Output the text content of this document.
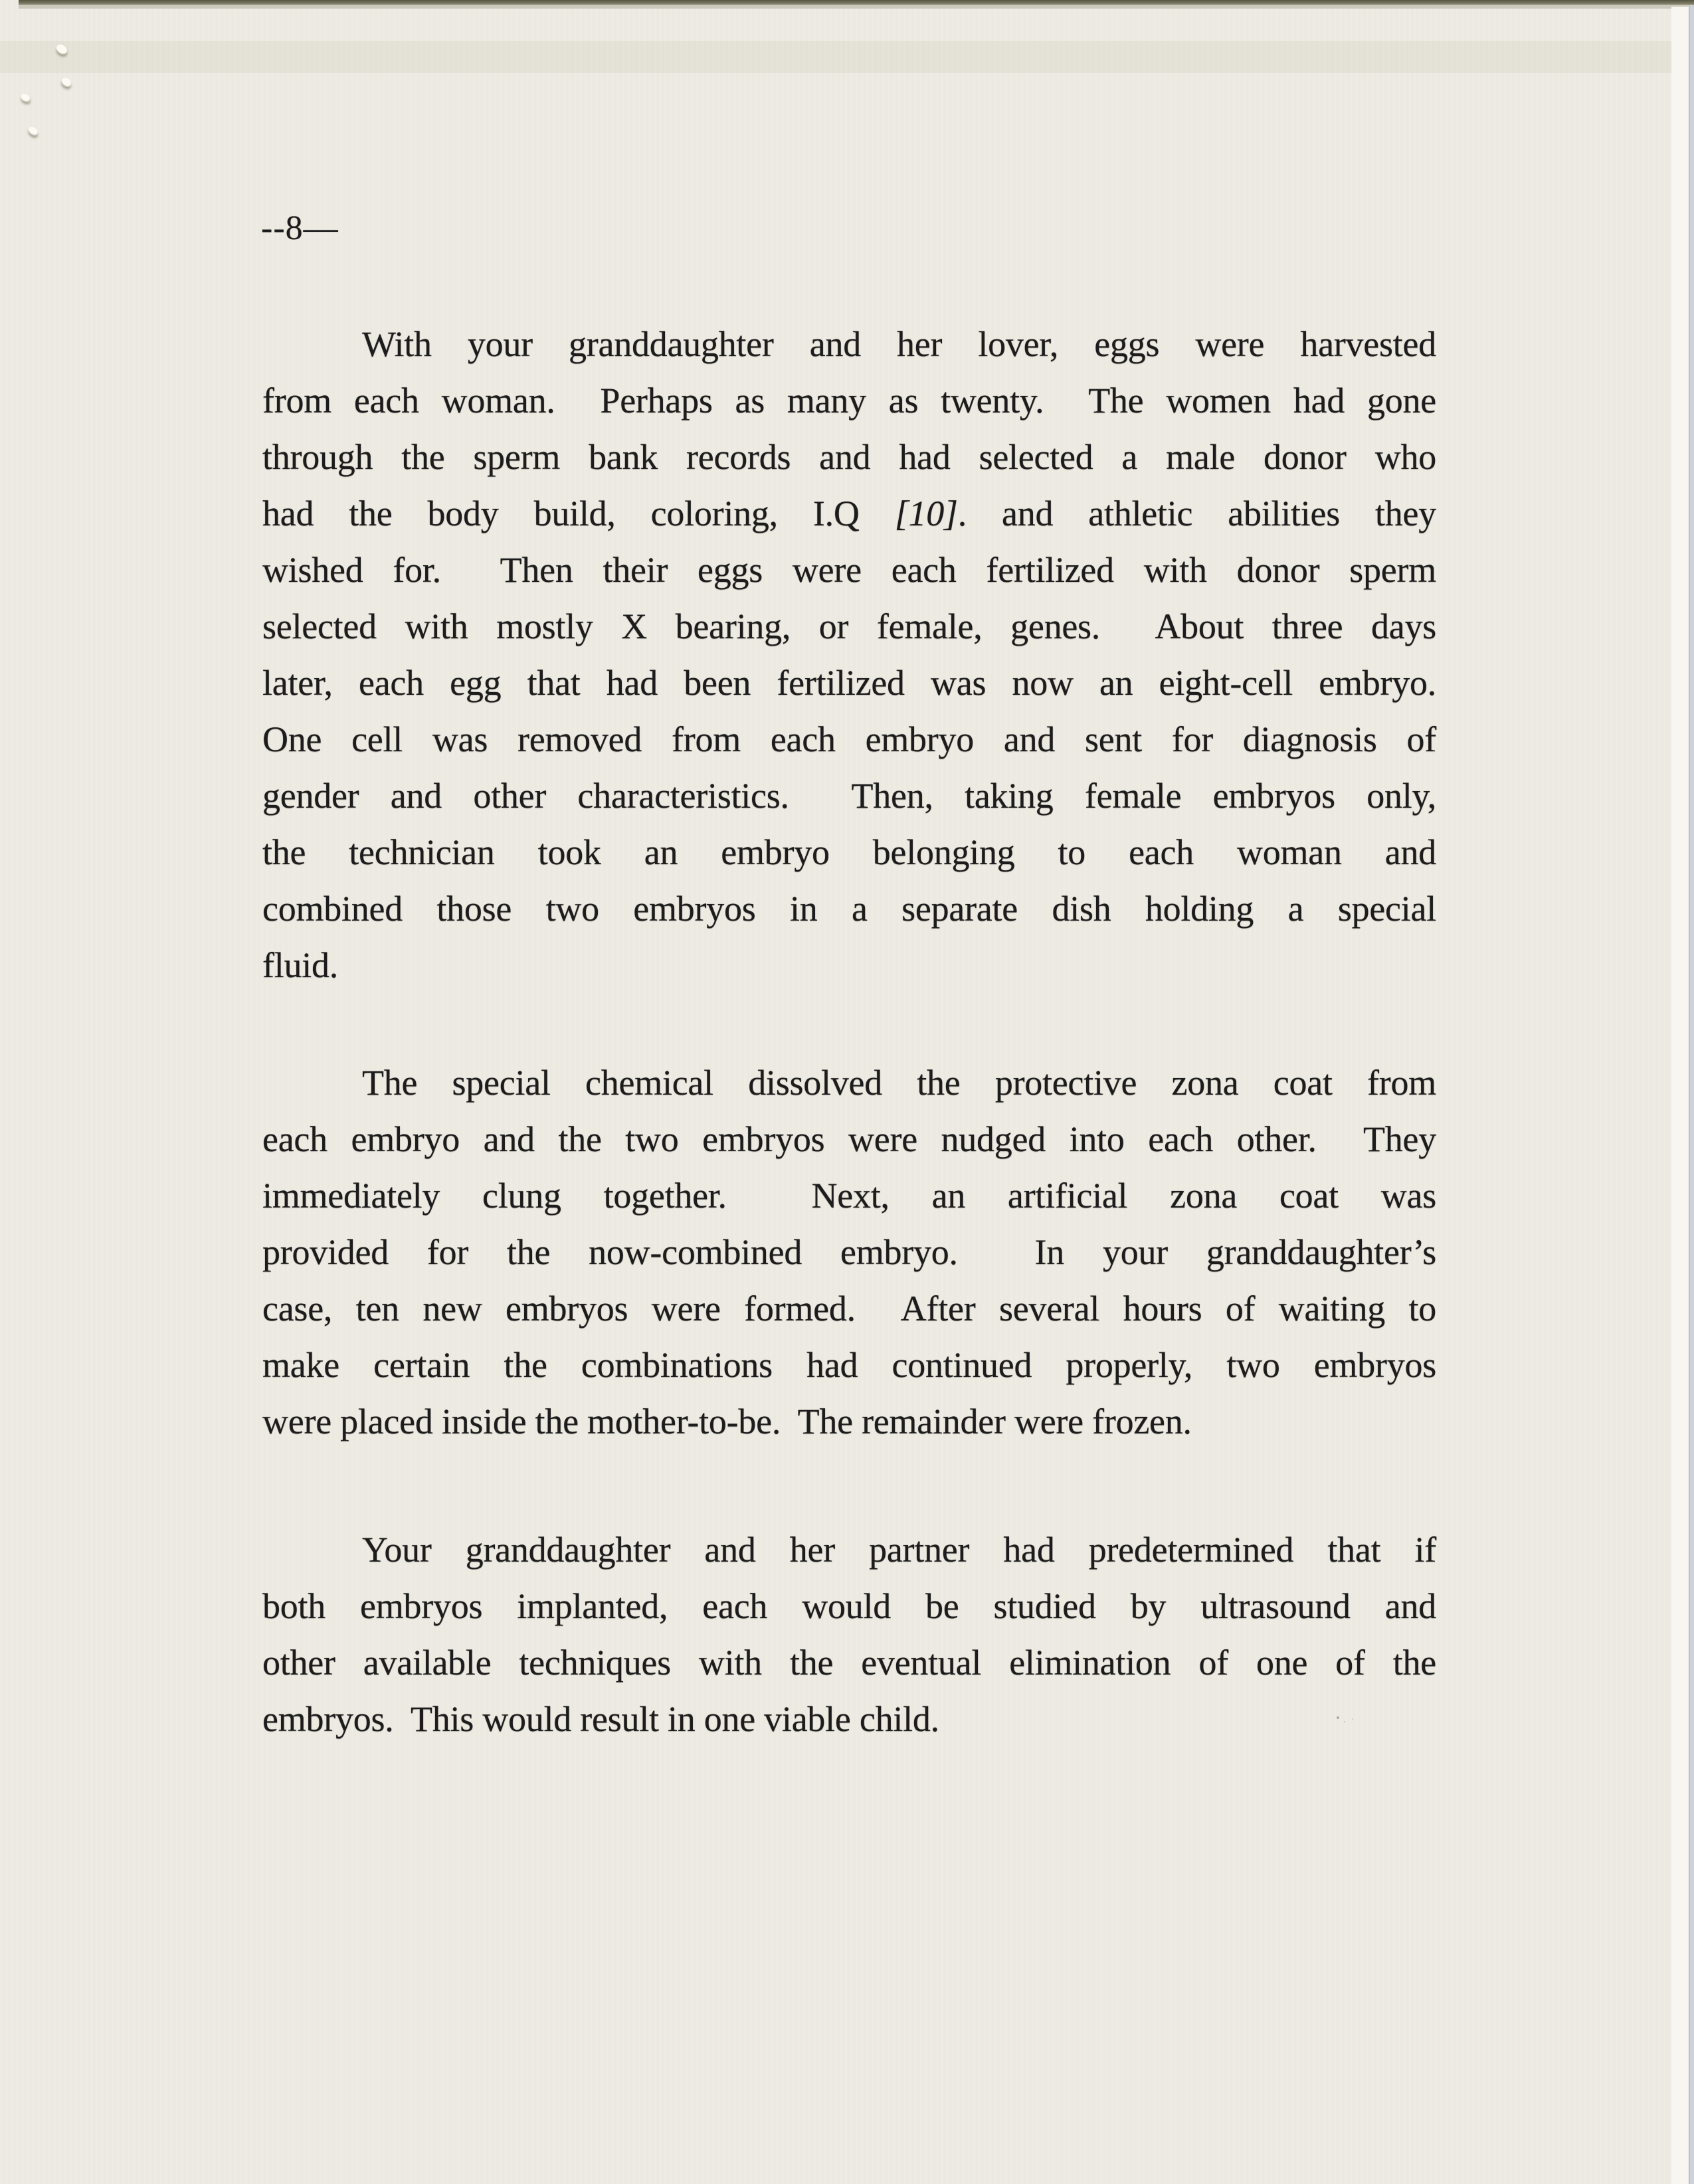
--8—
With your granddaughter and her lover, eggs were harvested
from each woman.  Perhaps as many as twenty.  The women had gone
through the sperm bank records and had selected a male donor who
had the body build, coloring, I.Q [10]. and athletic abilities they
wished for.  Then their eggs were each fertilized with donor sperm
selected with mostly X bearing, or female, genes.  About three days
later, each egg that had been fertilized was now an eight-cell embryo.
One cell was removed from each embryo and sent for diagnosis of
gender and other characteristics.  Then, taking female embryos only,
the technician took an embryo belonging to each woman and
combined those two embryos in a separate dish holding a special
fluid.
The special chemical dissolved the protective zona coat from
each embryo and the two embryos were nudged into each other.  They
immediately clung together.  Next, an artificial zona coat was
provided for the now-combined embryo.  In your granddaughter’s
case, ten new embryos were formed.  After several hours of waiting to
make certain the combinations had continued properly, two embryos
were placed inside the mother-to-be.  The remainder were frozen.
Your granddaughter and her partner had predetermined that if
both embryos implanted, each would be studied by ultrasound and
other available techniques with the eventual elimination of one of the
embryos.  This would result in one viable child.
